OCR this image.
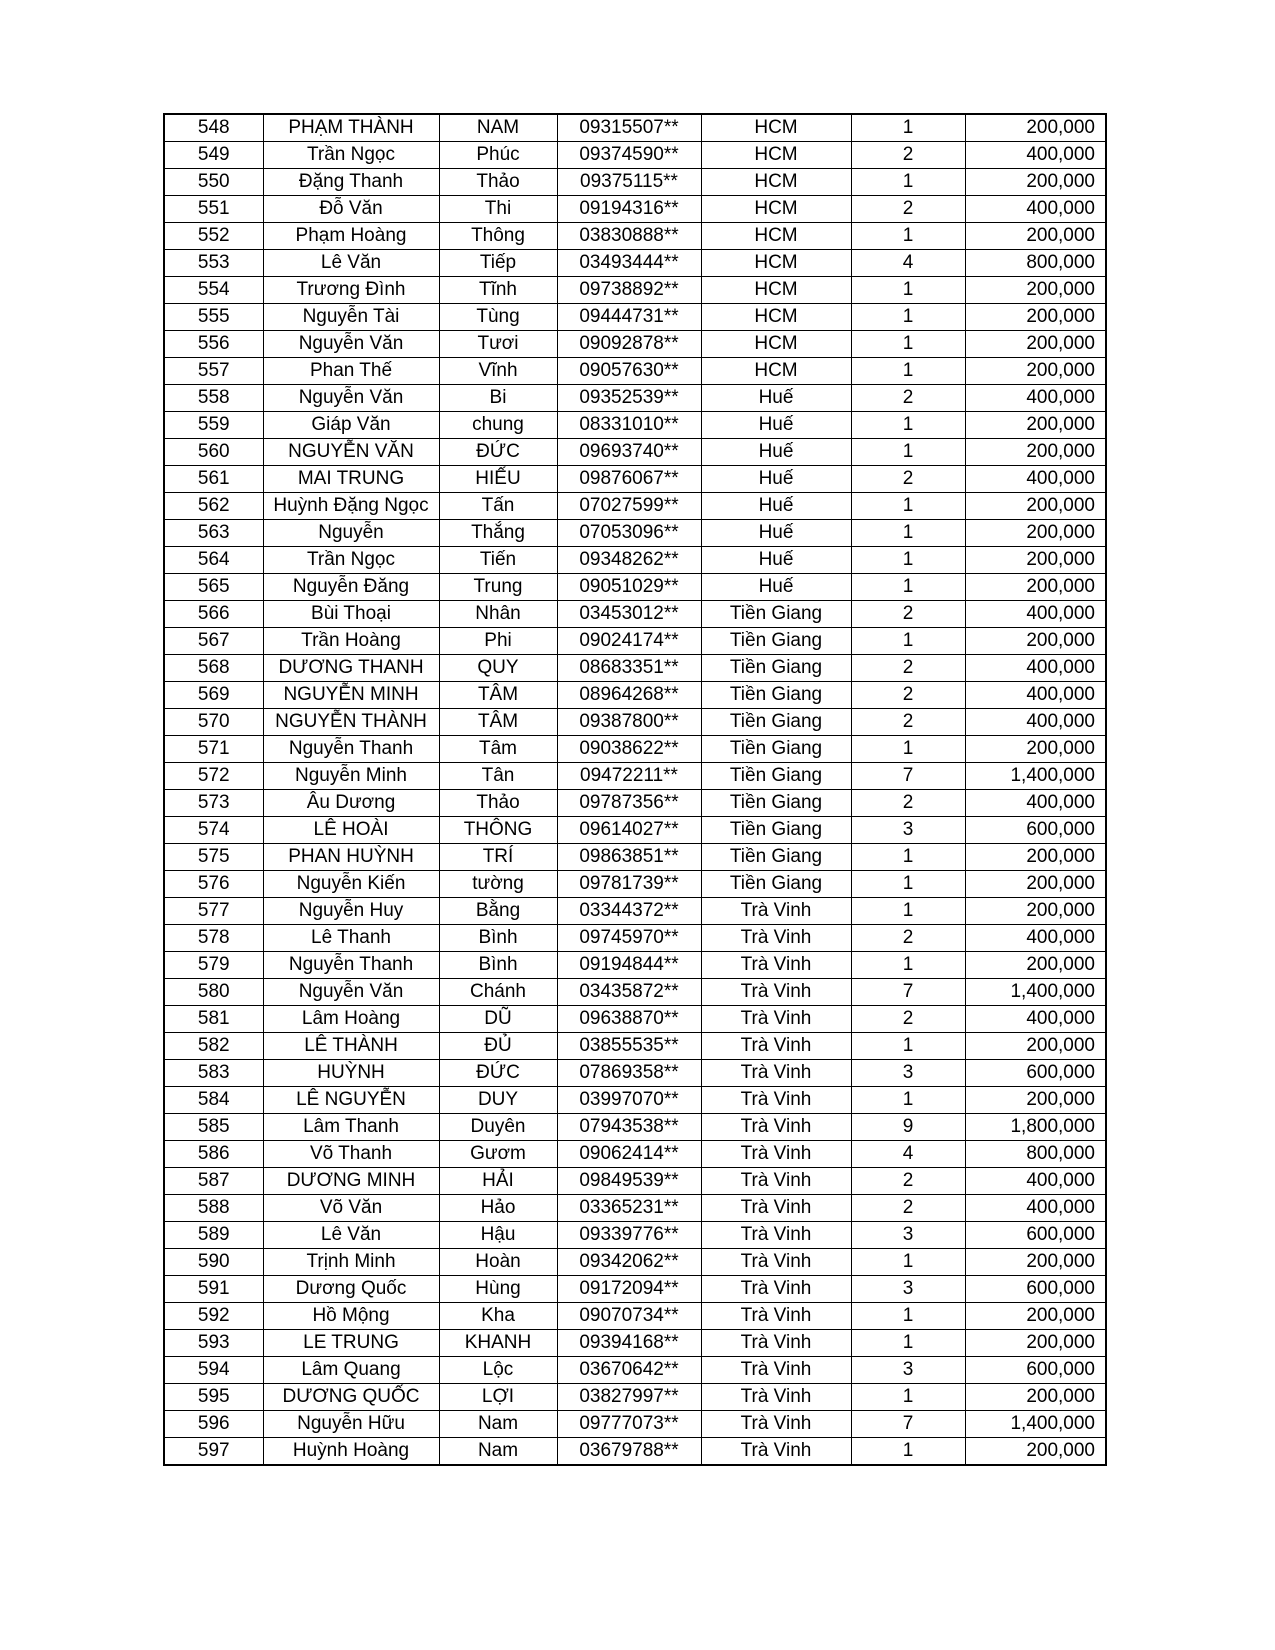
548	PHẠM THÀNH	NAM	09315507**	HCM	1	200,000
549	Trần Ngọc	Phúc	09374590**	HCM	2	400,000
550	Đặng Thanh	Thảo	09375115**	HCM	1	200,000
551	Đỗ Văn	Thi	09194316**	HCM	2	400,000
552	Phạm Hoàng	Thông	03830888**	HCM	1	200,000
553	Lê Văn	Tiếp	03493444**	HCM	4	800,000
554	Trương Đình	Tĩnh	09738892**	HCM	1	200,000
555	Nguyễn Tài	Tùng	09444731**	HCM	1	200,000
556	Nguyễn Văn	Tươi	09092878**	HCM	1	200,000
557	Phan Thế	Vĩnh	09057630**	HCM	1	200,000
558	Nguyễn Văn	Bi	09352539**	Huế	2	400,000
559	Giáp Văn	chung	08331010**	Huế	1	200,000
560	NGUYỄN VĂN	ĐỨC	09693740**	Huế	1	200,000
561	MAI TRUNG	HIẾU	09876067**	Huế	2	400,000
562	Huỳnh Đặng Ngọc	Tấn	07027599**	Huế	1	200,000
563	Nguyễn	Thắng	07053096**	Huế	1	200,000
564	Trần Ngọc	Tiến	09348262**	Huế	1	200,000
565	Nguyễn Đăng	Trung	09051029**	Huế	1	200,000
566	Bùi Thoại	Nhân	03453012**	Tiền Giang	2	400,000
567	Trần Hoàng	Phi	09024174**	Tiền Giang	1	200,000
568	DƯƠNG THANH	QUY	08683351**	Tiền Giang	2	400,000
569	NGUYỄN MINH	TÂM	08964268**	Tiền Giang	2	400,000
570	NGUYỄN THÀNH	TÂM	09387800**	Tiền Giang	2	400,000
571	Nguyễn Thanh	Tâm	09038622**	Tiền Giang	1	200,000
572	Nguyễn Minh	Tân	09472211**	Tiền Giang	7	1,400,000
573	Âu Dương	Thảo	09787356**	Tiền Giang	2	400,000
574	LÊ HOÀI	THÔNG	09614027**	Tiền Giang	3	600,000
575	PHAN HUỲNH	TRÍ	09863851**	Tiền Giang	1	200,000
576	Nguyễn Kiến	tường	09781739**	Tiền Giang	1	200,000
577	Nguyễn Huy	Bằng	03344372**	Trà Vinh	1	200,000
578	Lê Thanh	Bình	09745970**	Trà Vinh	2	400,000
579	Nguyễn Thanh	Bình	09194844**	Trà Vinh	1	200,000
580	Nguyễn Văn	Chánh	03435872**	Trà Vinh	7	1,400,000
581	Lâm Hoàng	DŨ	09638870**	Trà Vinh	2	400,000
582	LÊ THÀNH	ĐỦ	03855535**	Trà Vinh	1	200,000
583	HUỲNH	ĐỨC	07869358**	Trà Vinh	3	600,000
584	LÊ NGUYỄN	DUY	03997070**	Trà Vinh	1	200,000
585	Lâm Thanh	Duyên	07943538**	Trà Vinh	9	1,800,000
586	Võ Thanh	Gươm	09062414**	Trà Vinh	4	800,000
587	DƯƠNG MINH	HẢI	09849539**	Trà Vinh	2	400,000
588	Võ Văn	Hảo	03365231**	Trà Vinh	2	400,000
589	Lê Văn	Hậu	09339776**	Trà Vinh	3	600,000
590	Trịnh Minh	Hoàn	09342062**	Trà Vinh	1	200,000
591	Dương Quốc	Hùng	09172094**	Trà Vinh	3	600,000
592	Hồ Mộng	Kha	09070734**	Trà Vinh	1	200,000
593	LE TRUNG	KHANH	09394168**	Trà Vinh	1	200,000
594	Lâm Quang	Lộc	03670642**	Trà Vinh	3	600,000
595	DƯƠNG QUỐC	LỢI	03827997**	Trà Vinh	1	200,000
596	Nguyễn Hữu	Nam	09777073**	Trà Vinh	7	1,400,000
597	Huỳnh Hoàng	Nam	03679788**	Trà Vinh	1	200,000
